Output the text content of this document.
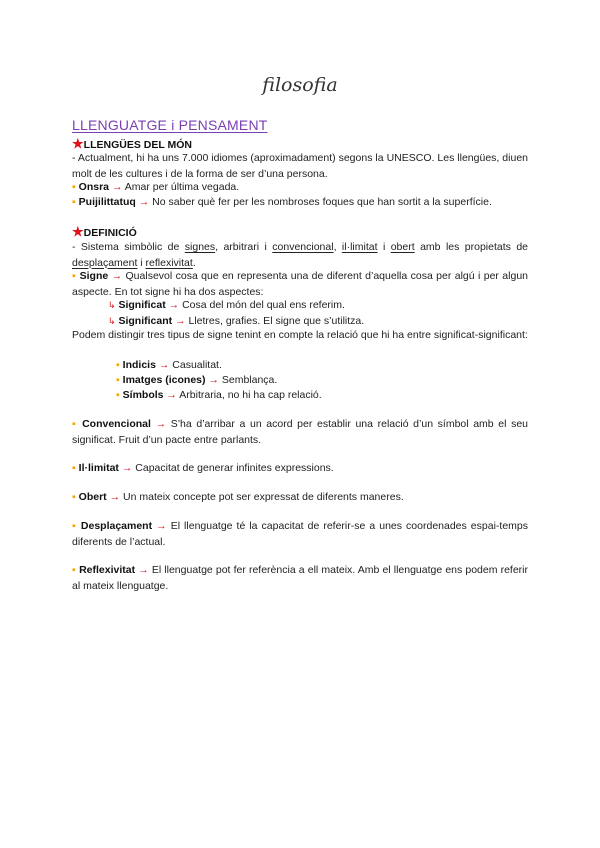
filosofia
LLENGUATGE i PENSAMENT
★LLENGÜES DEL MÓN
- Actualment, hi ha uns 7.000 idiomes (aproximadament) segons la UNESCO. Les llengües, diuen molt de les cultures i de la forma de ser d’una persona.
▪ Onsra → Amar per última vegada.
▪ Puijilittatuq → No saber què fer per les nombroses foques que han sortit a la superfície.
★DEFINICIÓ
- Sistema simbòlic de signes, arbitrari i convencional, il·limitat i obert amb les propietats de desplaçament i reflexivitat.
▪ Signe → Qualsevol cosa que en representa una de diferent d’aquella cosa per algú i per algun aspecte. En tot signe hi ha dos aspectes:
↳ Significat → Cosa del món del qual ens referim.
↳ Significant → Lletres, grafies. El signe que s’utilitza.
Podem distingir tres tipus de signe tenint en compte la relació que hi ha entre significat-significant:
▪ Indicis → Casualitat.
▪ Imatges (icones) → Semblança.
▪ Símbols → Arbitraria, no hi ha cap relació.
▪ Convencional → S’ha d’arribar a un acord per establir una relació d’un símbol amb el seu significat. Fruit d’un pacte entre parlants.
▪ Il·limitat → Capacitat de generar infinites expressions.
▪ Obert → Un mateix concepte pot ser expressat de diferents maneres.
▪ Desplaçament → El llenguatge té la capacitat de referir-se a unes coordenades espai-temps diferents de l’actual.
▪ Reflexivitat → El llenguatge pot fer referència a ell mateix. Amb el llenguatge ens podem referir al mateix llenguatge.
